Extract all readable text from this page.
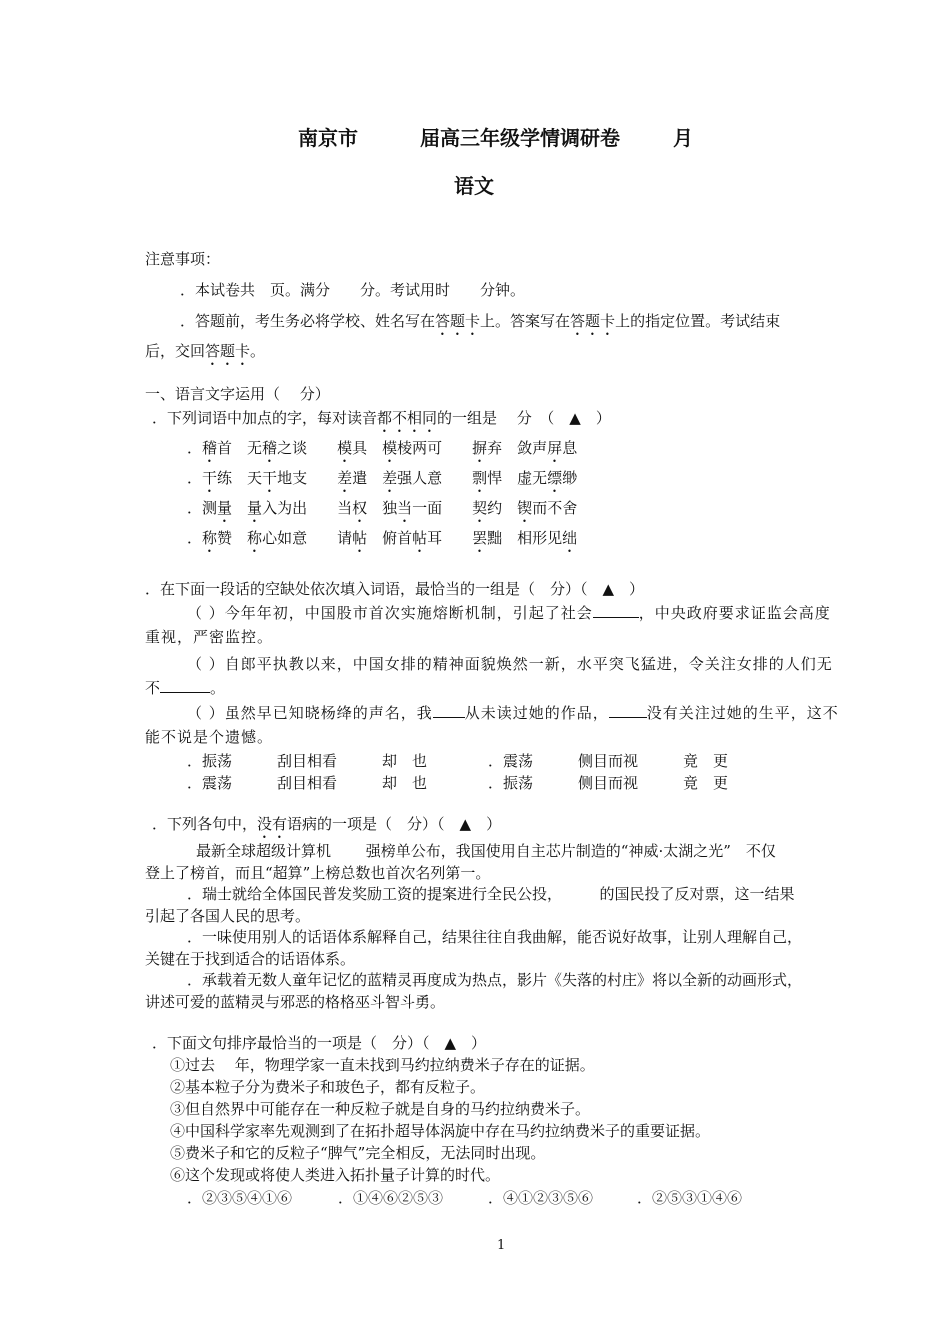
南京市	届高三年级学情调研卷	月
语文
注意事项：
．本试卷共　页。满分　　分。考试用时　　分钟。
．答题前，考生务必将学校、姓名写在答题卡上。答案写在答题卡上的指定位置。考试结束
后，交回答题卡。
一、语言文字运用（　 分）
．下列词语中加点的字，每对读音都不相同的一组是　 分　（　▲　）
．稽首　无稽之谈　　模具　模棱两可　　摒弃　敛声屏息
．干练　天干地支　　差遣　差强人意　　剽悍　虚无缥缈
．测量　 量入为出　　当权　独当一面　　契约　锲而不舍
．称赞　称心如意　　请帖　俯首帖耳　　罢黜　相形见绌
．在下面一段话的空缺处依次填入词语，最恰当的一组是（　分）（　▲　）
（ ）今年年初，中国股市首次实施熔断机制，引起了社会	，中央政府要求证监会高度
重视，严密监控。
（ ）自郎平执教以来，中国女排的精神面貌焕然一新，水平突飞猛进，令关注女排的人们无
不	。
（ ）虽然早已知晓杨绛的声名，我 从未读过她的作品，	没有关注过她的生平，这不
能不说是个遗憾。
．振荡　　　刮目相看　　　却　也	．震荡　　　侧目而视　　　竟　更
．震荡　　　刮目相看　　　却　也	．振荡　　　侧目而视　　　竟　更
．下列各句中，没有语病的一项是（　分）（　▲　）
最新全球超级计算机　　 强榜单公布，我国使用自主芯片制造的“神威·太湖之光”　不仅
登上了榜首，而且“超算”上榜总数也首次名列第一。
．瑞士就给全体国民普发奖励工资的提案进行全民公投，　　　的国民投了反对票，这一结果
引起了各国人民的思考。
．一味使用别人的话语体系解释自己，结果往往自我曲解，能否说好故事，让别人理解自己，
关键在于找到适合的话语体系。
．承载着无数人童年记忆的蓝精灵再度成为热点，影片《失落的村庄》将以全新的动画形式，
讲述可爱的蓝精灵与邪恶的格格巫斗智斗勇。
．下面文句排序最恰当的一项是（　分）（　▲　）
①过去　 年，物理学家一直未找到马约拉纳费米子存在的证据。
②基本粒子分为费米子和玻色子，都有反粒子。
③但自然界中可能存在一种反粒子就是自身的马约拉纳费米子。
④中国科学家率先观测到了在拓扑超导体涡旋中存在马约拉纳费米子的重要证据。
⑤费米子和它的反粒子“脾气”完全相反，无法同时出现。
⑥这个发现或将使人类进入拓扑量子计算的时代。
．②③⑤④①⑥	．①④⑥②⑤③	．④①②③⑤⑥	．②⑤③①④⑥
1
